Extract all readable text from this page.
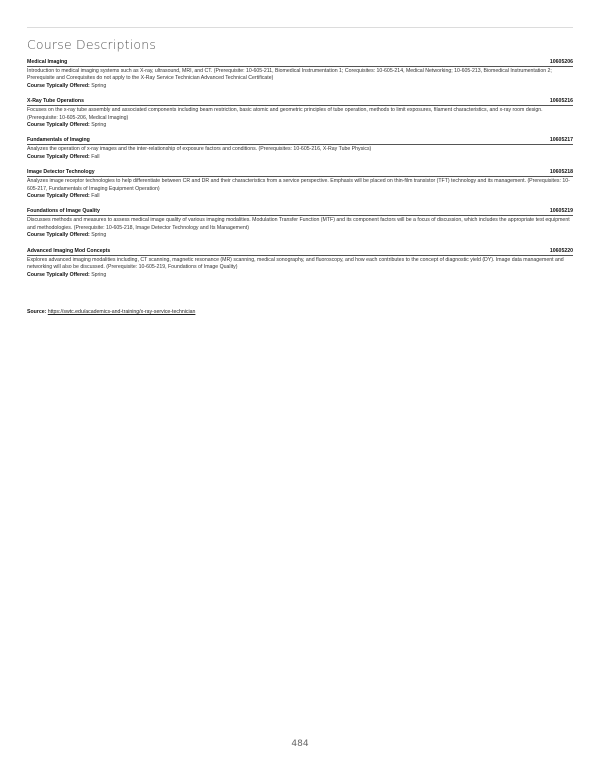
Course Descriptions
Medical Imaging	10605206
Introduction to medical imaging systems such as X-ray, ultrasound, MRI, and CT. (Prerequisite: 10-605-211, Biomedical Instrumentation 1; Corequisites: 10-605-214, Medical Networking; 10-605-213, Biomedical Instrumentation 2; Prerequisite and Corequisites do not apply to the X-Ray Service Technician Advanced Technical Certificate)
Course Typically Offered: Spring
X-Ray Tube Operations	10605216
Focuses on the x-ray tube assembly and associated components including beam restriction, basic atomic and geometric principles of tube operation, methods to limit exposures, filament characteristics, and x-ray room design. (Prerequisite: 10-605-206, Medical Imaging)
Course Typically Offered: Spring
Fundamentals of Imaging	10605217
Analyzes the operation of x-ray images and the inter-relationship of exposure factors and conditions. (Prerequisites: 10-605-216, X-Ray Tube Physics)
Course Typically Offered: Fall
Image Detector Technology	10605218
Analyzes image receptor technologies to help differentiate between CR and DR and their characteristics from a service perspective. Emphasis will be placed on thin-film transistor (TFT) technology and its management. (Prerequisites: 10-605-217, Fundamentals of Imaging Equipment Operation)
Course Typically Offered: Fall
Foundations of Image Quality	10605219
Discusses methods and measures to assess medical image quality of various imaging modalities. Modulation Transfer Function (MTF) and its component factors will be a focus of discussion, which includes the appropriate test equipment and methodologies. (Prerequisite: 10-605-218, Image Detector Technology and Its Management)
Course Typically Offered: Spring
Advanced Imaging Mod Concepts	10605220
Explores advanced imaging modalities including, CT scanning, magnetic resonance (MR) scanning, medical sonography, and fluoroscopy, and how each contributes to the concept of diagnostic yield (DY). Image data management and networking will also be discussed. (Prerequisite: 10-605-219, Foundations of Image Quality)
Course Typically Offered: Spring
Source: https://swtc.edu/academics-and-training/x-ray-service-technician
484
